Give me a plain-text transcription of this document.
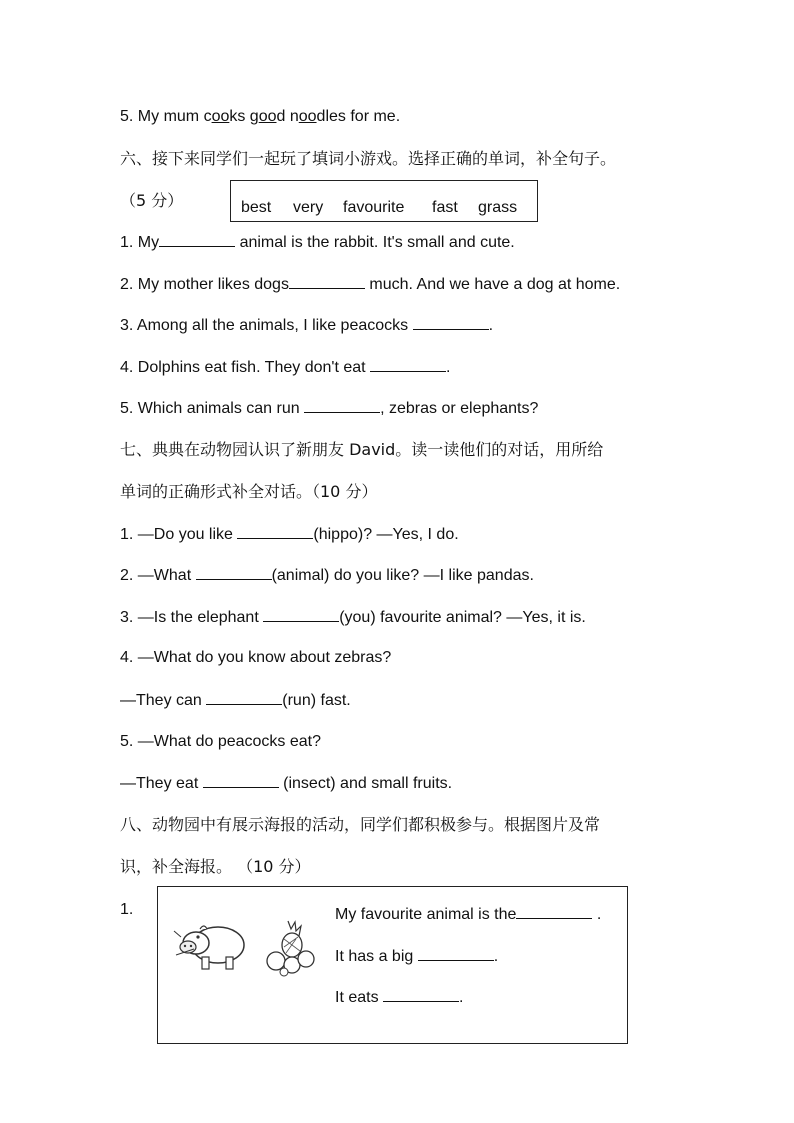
5. My mum cooks good noodles for me.
六、接下来同学们一起玩了填词小游戏。选择正确的单词，补全句子。
（5 分）	best very favourite fast grass
1. My	animal is the rabbit. It's small and cute.
2. My mother likes dogs	much. And we have a dog at home.
3. Among all the animals, I like peacocks	.
4. Dolphins eat fish. They don't eat	.
5. Which animals can run	, zebras or elephants?
七、典典在动物园认识了新朋友 David。读一读他们的对话，用所给
单词的正确形式补全对话。（10 分）
1. —Do you like	(hippo)? —Yes, I do.
2. —What	(animal) do you like? —I like pandas.
3. —Is the elephant	(you) favourite animal? —Yes, it is.
4. —What do you know about zebras?
—They can	(run) fast.
5. —What do peacocks eat?
—They eat	(insect) and small fruits.
八、动物园中有展示海报的活动，同学们都积极参与。根据图片及常
识，补全海报。 （10 分）
1.	My favourite animal is the	.
It has a big	.
It eats	.
